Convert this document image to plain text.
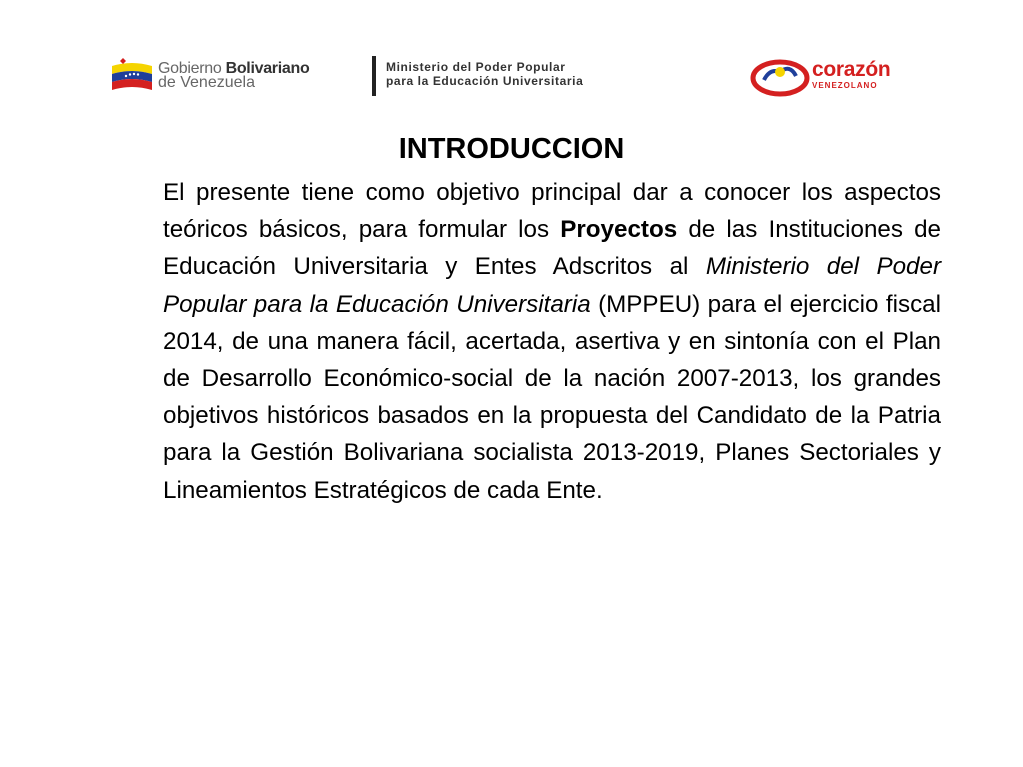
Gobierno Bolivariano
de Venezuela
Ministerio del Poder Popular
para la Educación Universitaria	corazón
VENEZOLANO
INTRODUCCION
El presente tiene como objetivo principal dar a conocer los aspectos teóricos básicos, para formular los Proyectos de las Instituciones de Educación Universitaria y Entes Adscritos al Ministerio del Poder Popular para la Educación Universitaria (MPPEU) para el ejercicio fiscal 2014, de una manera fácil, acertada, asertiva y en sintonía con el Plan de Desarrollo Económico-social de la nación 2007-2013, los grandes objetivos históricos basados en la propuesta del Candidato de la Patria para la Gestión Bolivariana socialista 2013-2019, Planes Sectoriales y Lineamientos Estratégicos de cada Ente.
